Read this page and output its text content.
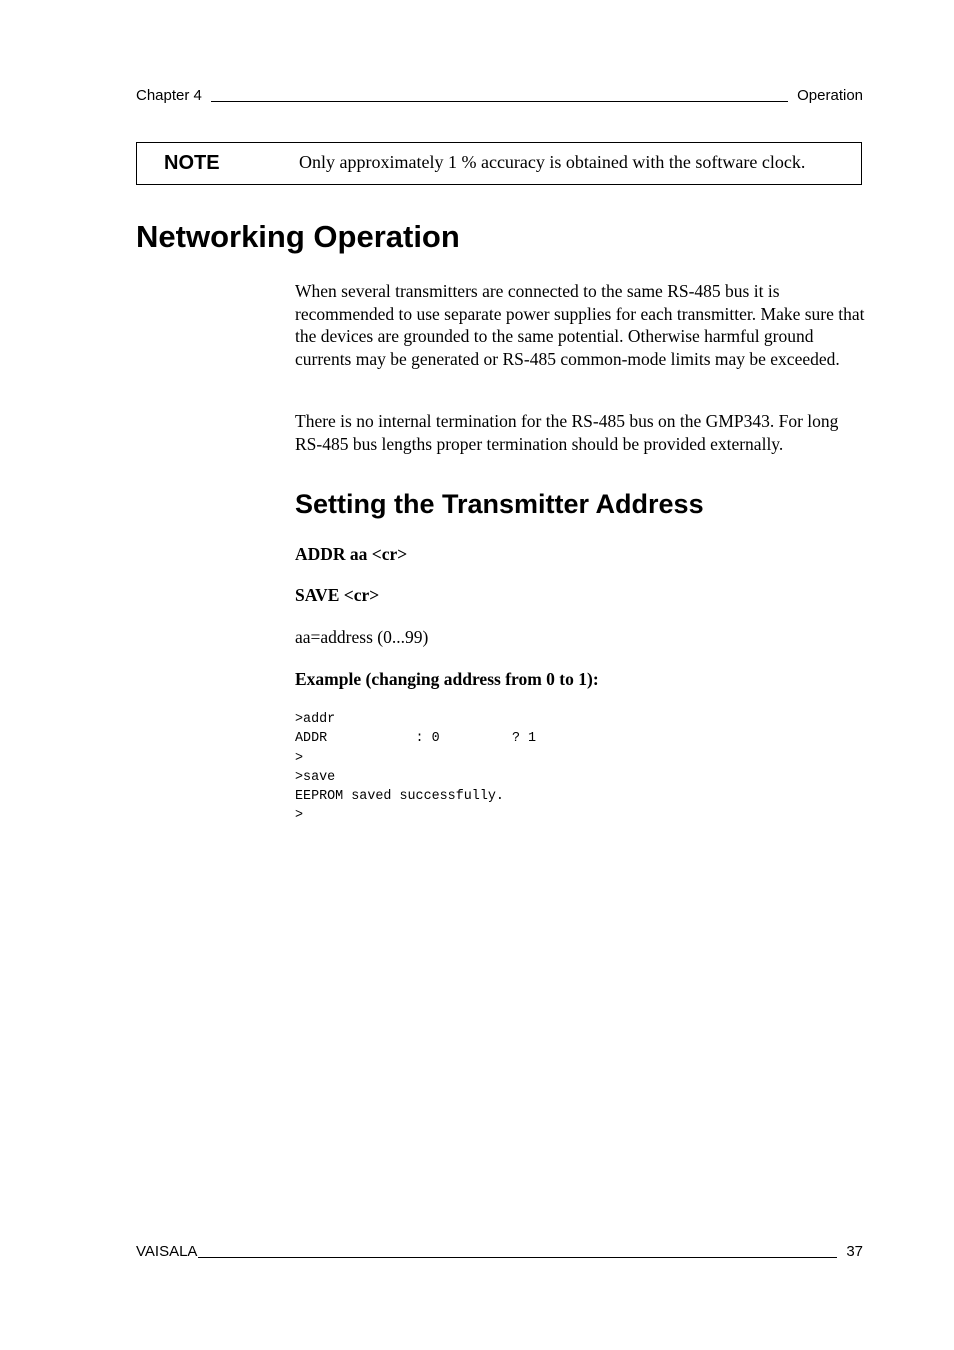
Chapter 4	Operation
NOTE	Only approximately 1 % accuracy is obtained with the software clock.
Networking Operation

When several transmitters are connected to the same RS-485 bus it is recommended to use separate power supplies for each transmitter. Make sure that the devices are grounded to the same potential. Otherwise harmful ground currents may be generated or RS-485 common-mode limits may be exceeded.

There is no internal termination for the RS-485 bus on the GMP343. For long RS-485 bus lengths proper termination should be provided externally.

Setting the Transmitter Address

ADDR aa <cr>

SAVE <cr>

aa=address (0...99)

Example (changing address from 0 to 1):

>addr
ADDR           : 0         ? 1
>
>save
EEPROM saved successfully.
>
VAISALA	37
